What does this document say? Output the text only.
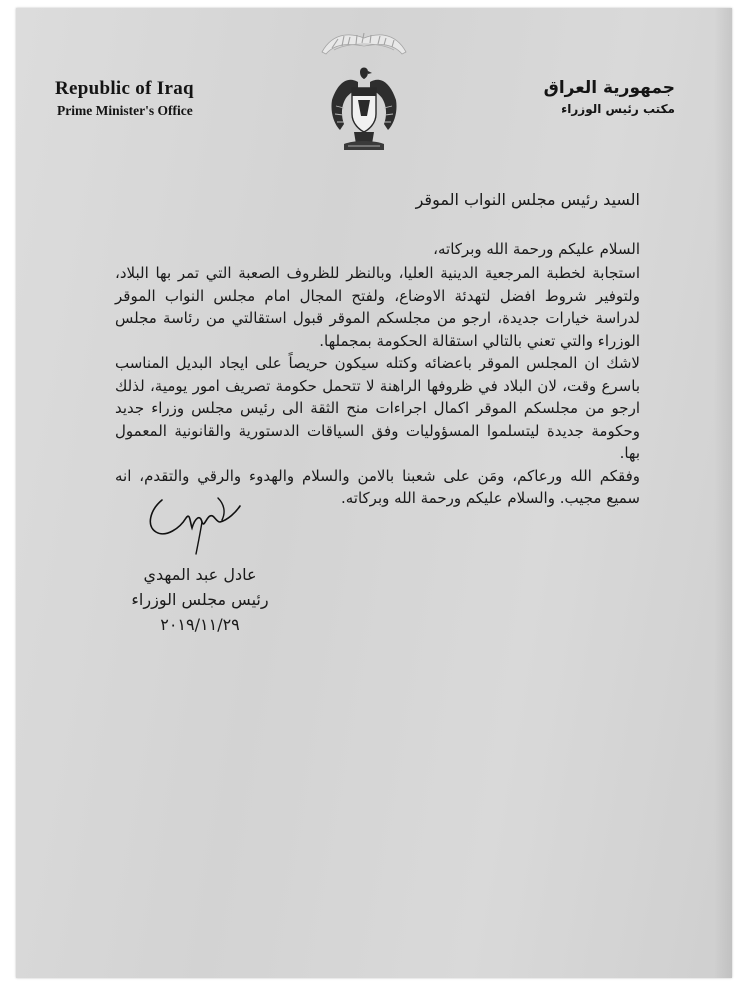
Republic of Iraq
Prime Minister's Office
جمهورية العراق
مكتب رئيس الوزراء
السيد رئيس مجلس النواب الموقر
السلام عليكم ورحمة الله وبركاته،

استجابة لخطبة المرجعية الدينية العليا، وبالنظر للظروف الصعبة التي تمر بها البلاد، ولتوفير شروط افضل لتهدئة الاوضاع، ولفتح المجال امام مجلس النواب الموقر لدراسة خيارات جديدة، ارجو من مجلسكم الموقر قبول استقالتي من رئاسة مجلس الوزراء والتي تعني بالتالي استقالة الحكومة بمجملها.

لاشك ان المجلس الموقر باعضائه وكتله سيكون حريصاً على ايجاد البديل المناسب باسرع وقت، لان البلاد في ظروفها الراهنة لا تتحمل حكومة تصريف امور يومية، لذلك ارجو من مجلسكم الموقر اكمال اجراءات منح الثقة الى رئيس مجلس وزراء جديد وحكومة جديدة ليتسلموا المسؤوليات وفق السياقات الدستورية والقانونية المعمول بها.

وفقكم الله ورعاكم، ومَن على شعبنا بالامن والسلام والهدوء والرقي والتقدم، انه سميع مجيب. والسلام عليكم ورحمة الله وبركاته.

عادل عبد المهدي
رئيس مجلس الوزراء
٢٠١٩/١١/٢٩
